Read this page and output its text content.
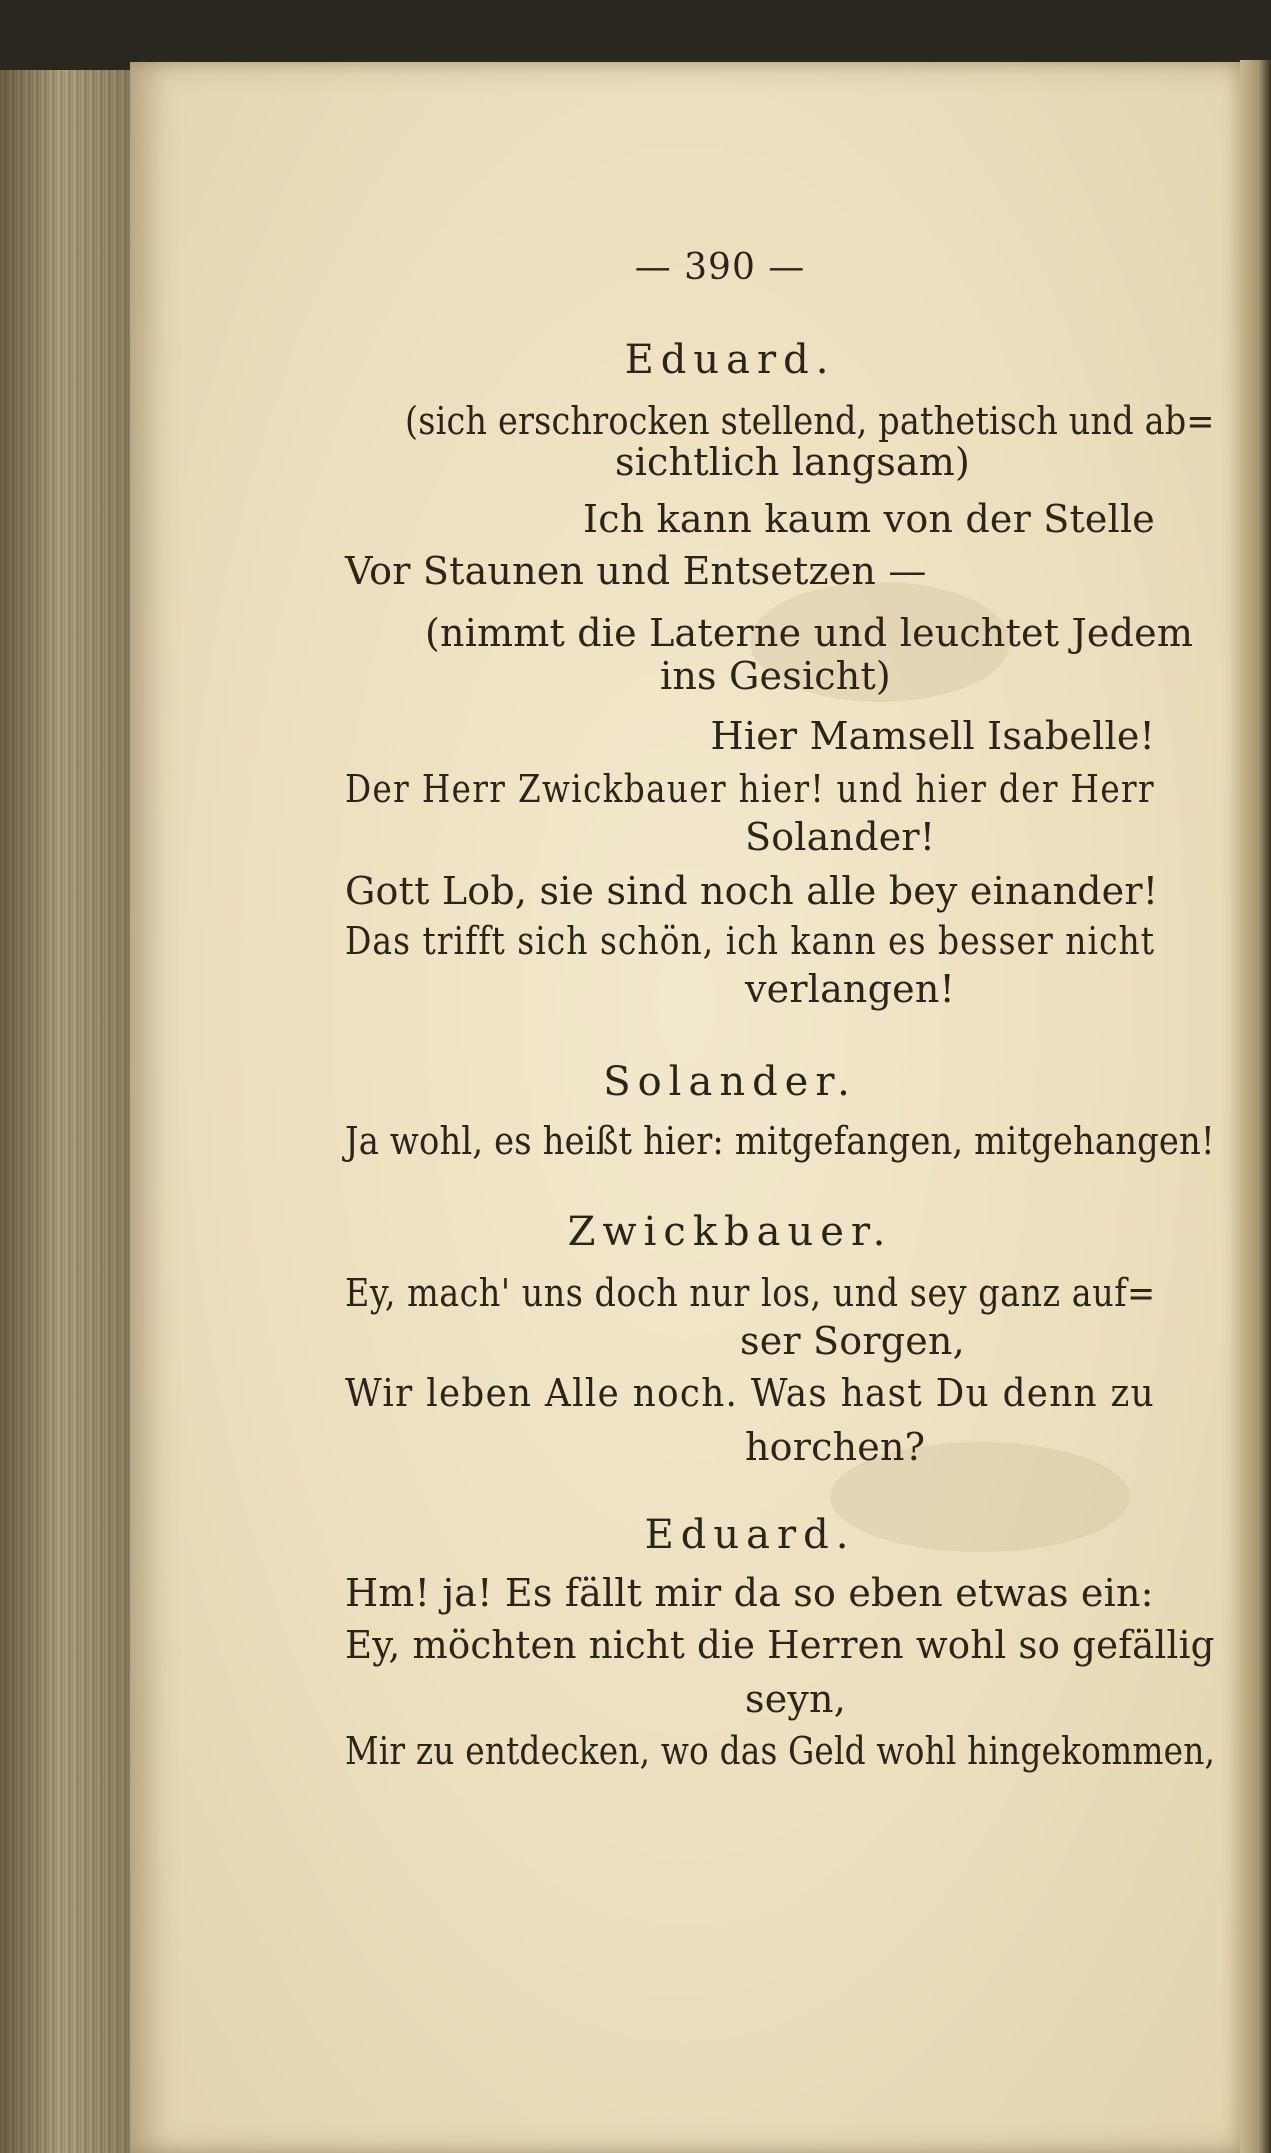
— 390 —
Eduard.
(sich erschrocken stellend, pathetisch und ab=
sichtlich langsam)
Ich kann kaum von der Stelle
Vor Staunen und Entsetzen —
(nimmt die Laterne und leuchtet Jedem
ins Gesicht)
Hier Mamsell Isabelle!
Der Herr Zwickbauer hier! und hier der Herr
Solander!
Gott Lob, sie sind noch alle bey einander!
Das trifft sich schön, ich kann es besser nicht
verlangen!
Solander.
Ja wohl, es heißt hier: mitgefangen, mitgehangen!
Zwickbauer.
Ey, mach' uns doch nur los, und sey ganz auf=
ser Sorgen,
Wir leben Alle noch. Was hast Du denn zu
horchen?
Eduard.
Hm! ja! Es fällt mir da so eben etwas ein:
Ey, möchten nicht die Herren wohl so gefällig
seyn,
Mir zu entdecken, wo das Geld wohl hingekommen,
